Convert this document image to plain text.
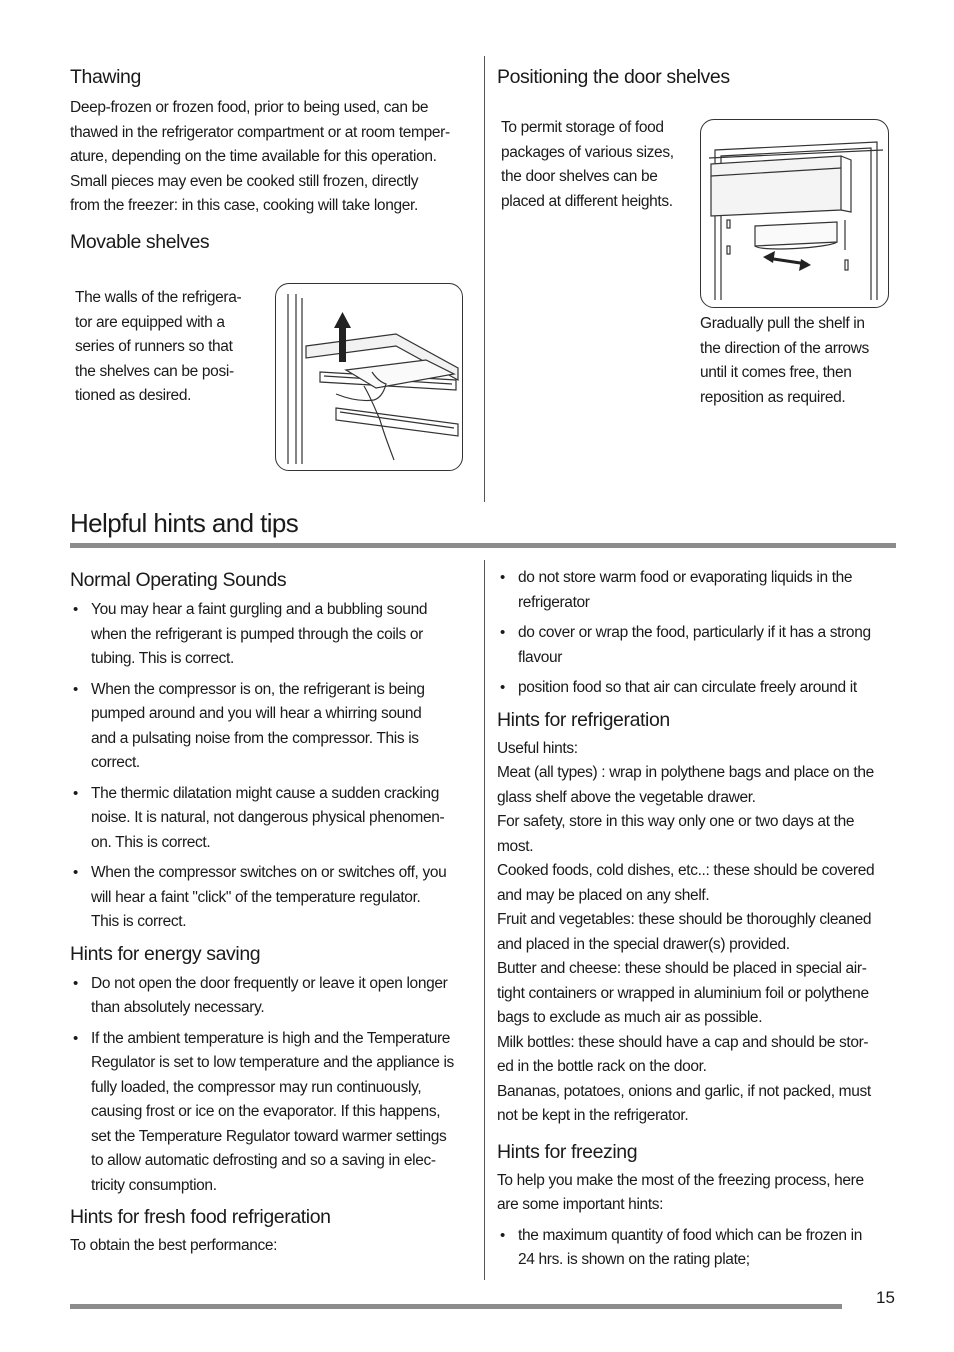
Thawing
Deep-frozen or frozen food, prior to being used, can be
thawed in the refrigerator compartment or at room temper-
ature, depending on the time available for this operation.
Small pieces may even be cooked still frozen, directly
from the freezer: in this case, cooking will take longer.
Movable shelves
The walls of the refrigera-
tor are equipped with a
series of runners so that
the shelves can be posi-
tioned as desired.
Positioning the door shelves
To permit storage of food
packages of various sizes,
the door shelves can be
placed at different heights.
Gradually pull the shelf in
the direction of the arrows
until it comes free, then
reposition as required.
Helpful hints and tips
Normal Operating Sounds
• You may hear a faint gurgling and a bubbling sound
when the refrigerant is pumped through the coils or
tubing. This is correct.
• When the compressor is on, the refrigerant is being
pumped around and you will hear a whirring sound
and a pulsating noise from the compressor. This is
correct.
• The thermic dilatation might cause a sudden cracking
noise. It is natural, not dangerous physical phenomen-
on. This is correct.
• When the compressor switches on or switches off, you
will hear a faint "click" of the temperature regulator.
This is correct.
Hints for energy saving
• Do not open the door frequently or leave it open longer
than absolutely necessary.
• If the ambient temperature is high and the Temperature
Regulator is set to low temperature and the appliance is
fully loaded, the compressor may run continuously,
causing frost or ice on the evaporator. If this happens,
set the Temperature Regulator toward warmer settings
to allow automatic defrosting and so a saving in elec-
tricity consumption.
Hints for fresh food refrigeration

To obtain the best performance:

• do not store warm food or evaporating liquids in the
refrigerator
• do cover or wrap the food, particularly if it has a strong
flavour
• position food so that air can circulate freely around it
Hints for refrigeration
Useful hints:
Meat (all types) : wrap in polythene bags and place on the
glass shelf above the vegetable drawer.
For safety, store in this way only one or two days at the
most.
Cooked foods, cold dishes, etc..: these should be covered
and may be placed on any shelf.
Fruit and vegetables: these should be thoroughly cleaned
and placed in the special drawer(s) provided.
Butter and cheese: these should be placed in special air-
tight containers or wrapped in aluminium foil or polythene
bags to exclude as much air as possible.
Milk bottles: these should have a cap and should be stor-
ed in the bottle rack on the door.
Bananas, potatoes, onions and garlic, if not packed, must
not be kept in the refrigerator.
Hints for freezing
To help you make the most of the freezing process, here
are some important hints:
• the maximum quantity of food which can be frozen in
24 hrs. is shown on the rating plate;
15
